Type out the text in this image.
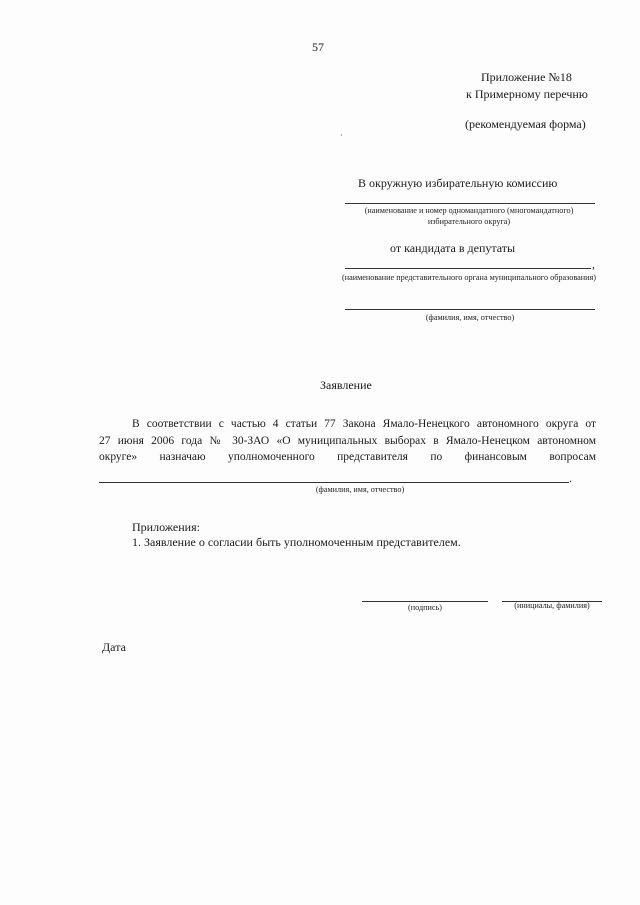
57
Приложение №18
к Примерному перечню
(рекомендуемая форма)
·
В окружную избирательную комиссию
(наименование и номер одномандатного (многомандатного) избирательного округа)
от кандидата в депутаты
,
(наименование представительного органа муниципального образования)
(фамилия, имя, отчество)
Заявление
В соответствии с частью 4 статьи 77 Закона Ямало-Ненецкого автономного округа от
27 июня 2006 года № 30-ЗАО «О муниципальных выборах в Ямало-Ненецком автономном
округе» назначаю уполномоченного представителя по финансовым вопросам
.
(фамилия, имя, отчество)
Приложения:
1. Заявление о согласии быть уполномоченным представителем.
(подпись)	(инициалы, фамилия)
Дата
